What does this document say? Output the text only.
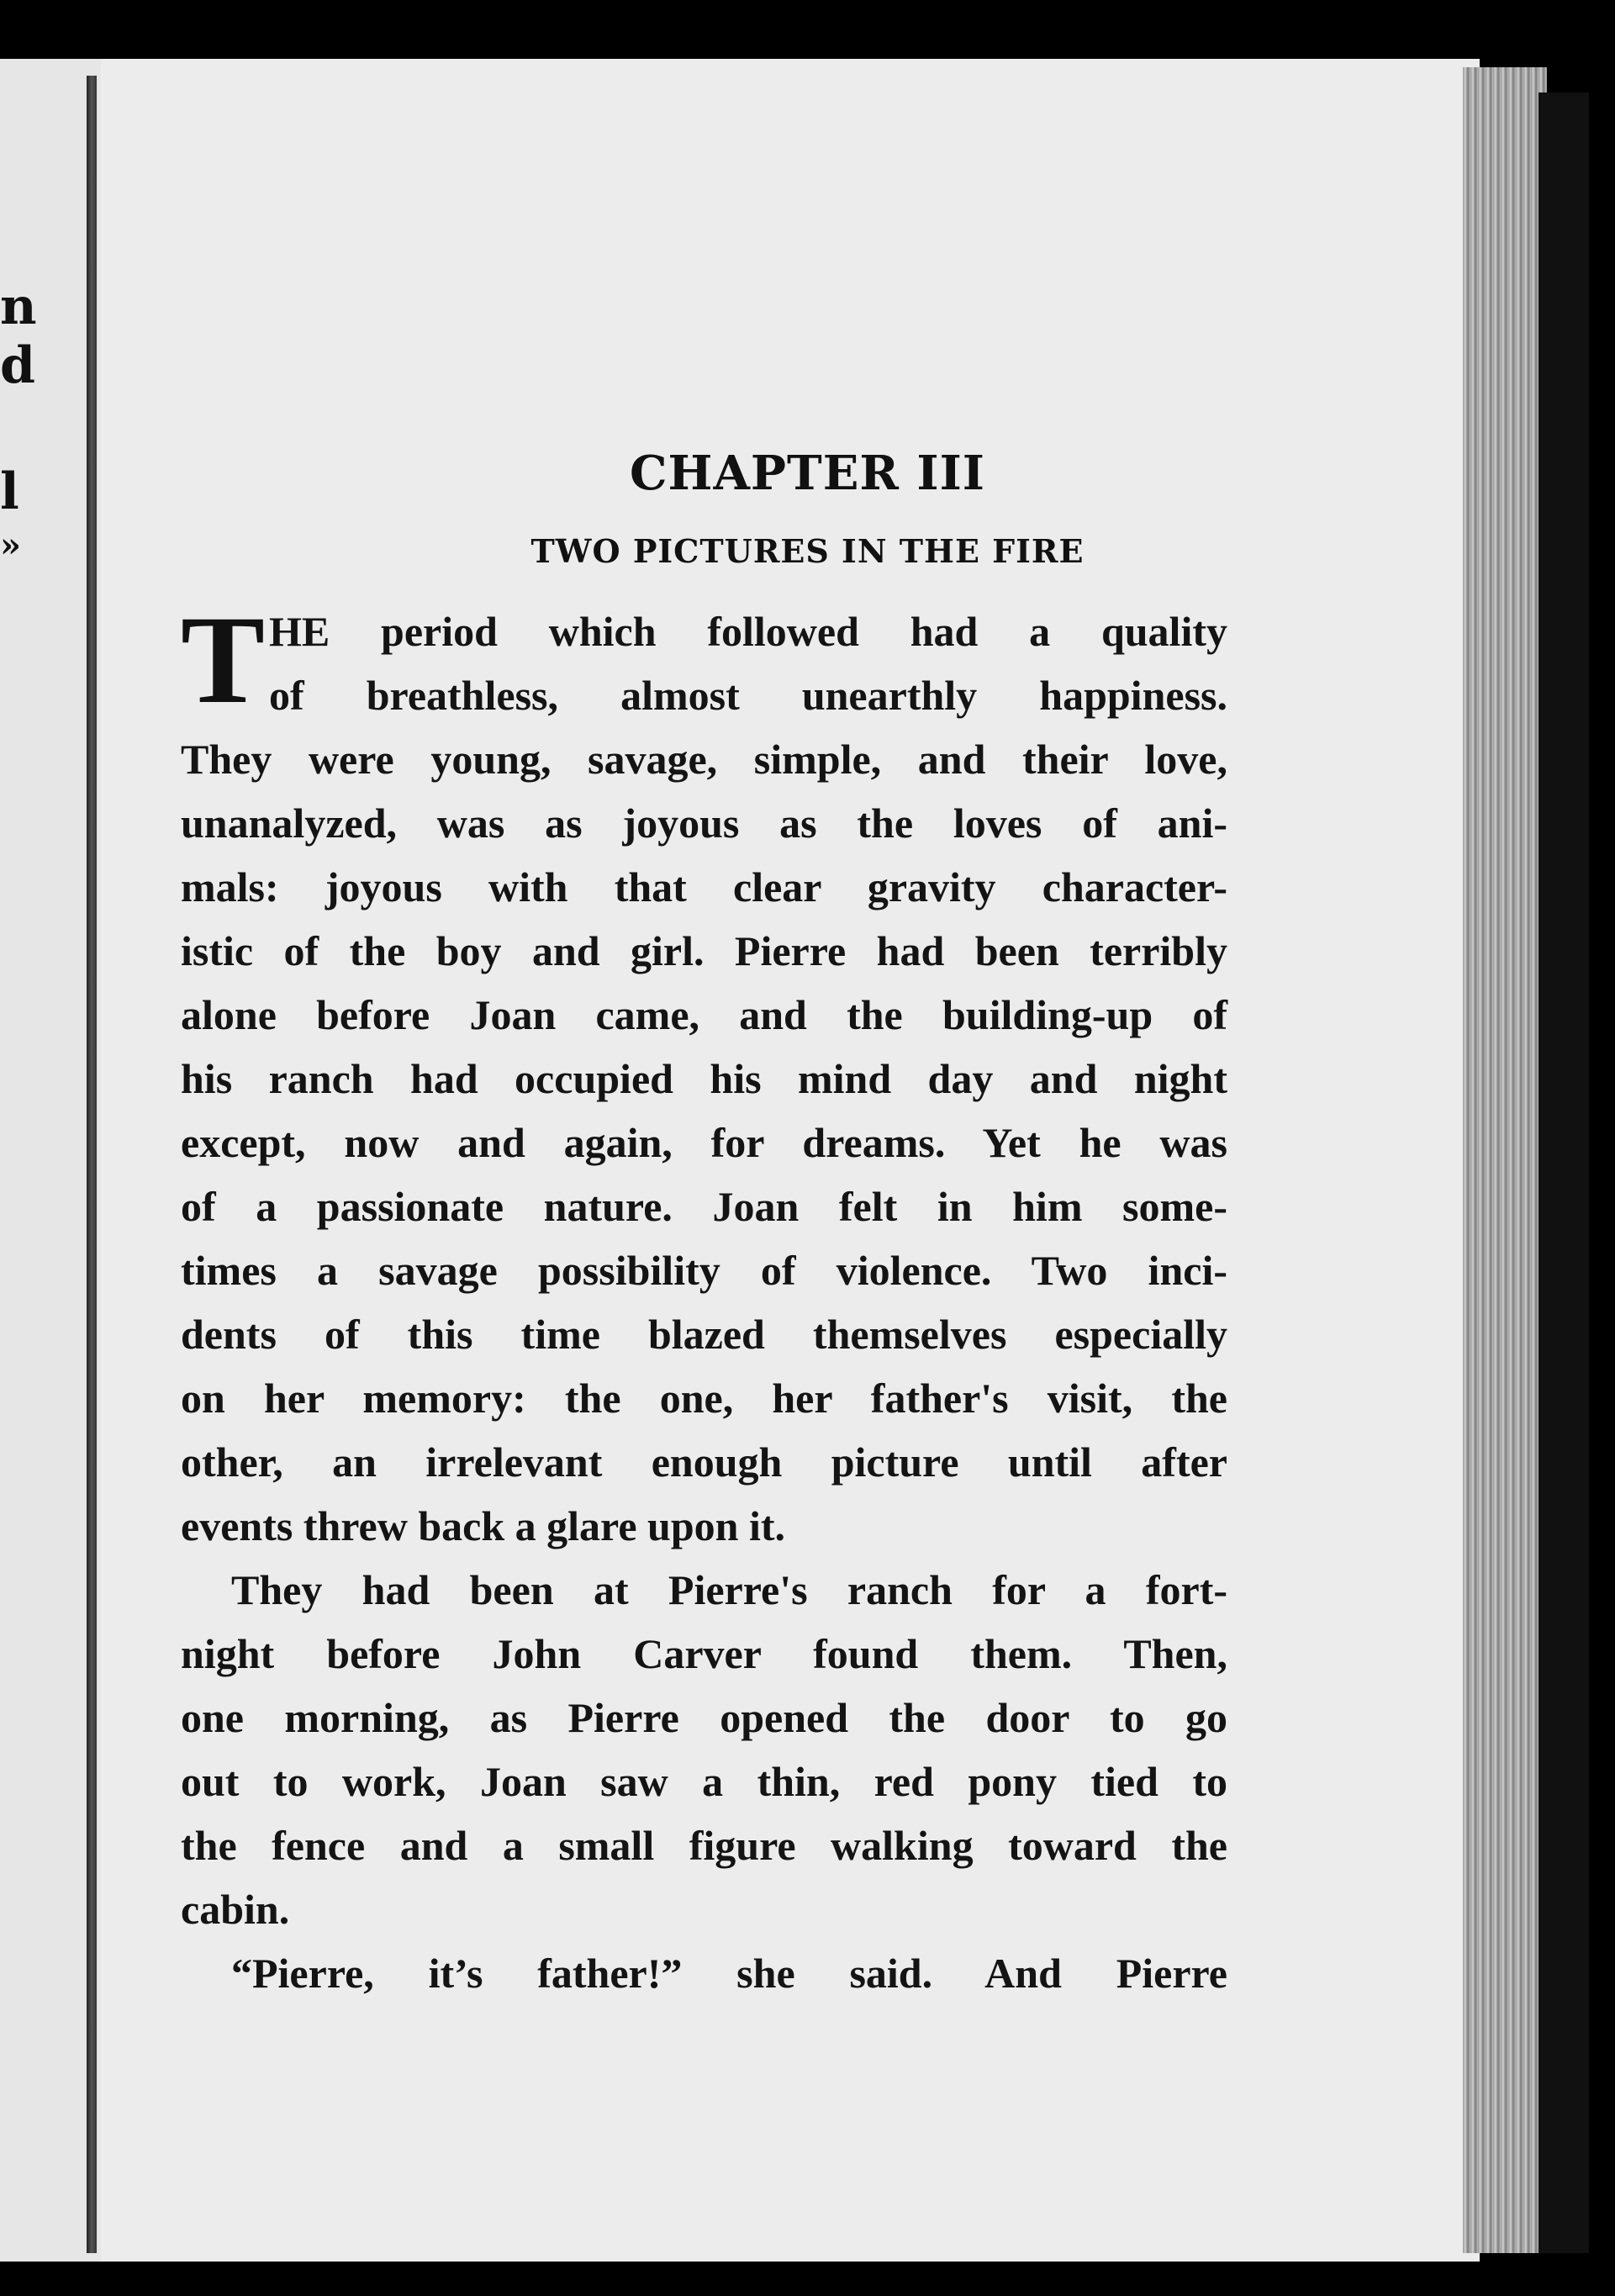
n
d
l
»
CHAPTER III
TWO PICTURES IN THE FIRE
T HE period which followed had a quality
of breathless, almost unearthly happiness.
They were young, savage, simple, and their love,
unanalyzed, was as joyous as the loves of ani-
mals: joyous with that clear gravity character-
istic of the boy and girl. Pierre had been terribly
alone before Joan came, and the building-up of
his ranch had occupied his mind day and night
except, now and again, for dreams. Yet he was
of a passionate nature. Joan felt in him some-
times a savage possibility of violence. Two inci-
dents of this time blazed themselves especially
on her memory: the one, her father's visit, the
other, an irrelevant enough picture until after
events threw back a glare upon it.
They had been at Pierre's ranch for a fort-
night before John Carver found them. Then,
one morning, as Pierre opened the door to go
out to work, Joan saw a thin, red pony tied to
the fence and a small figure walking toward the
cabin.
“Pierre, it’s father!” she said. And Pierre
